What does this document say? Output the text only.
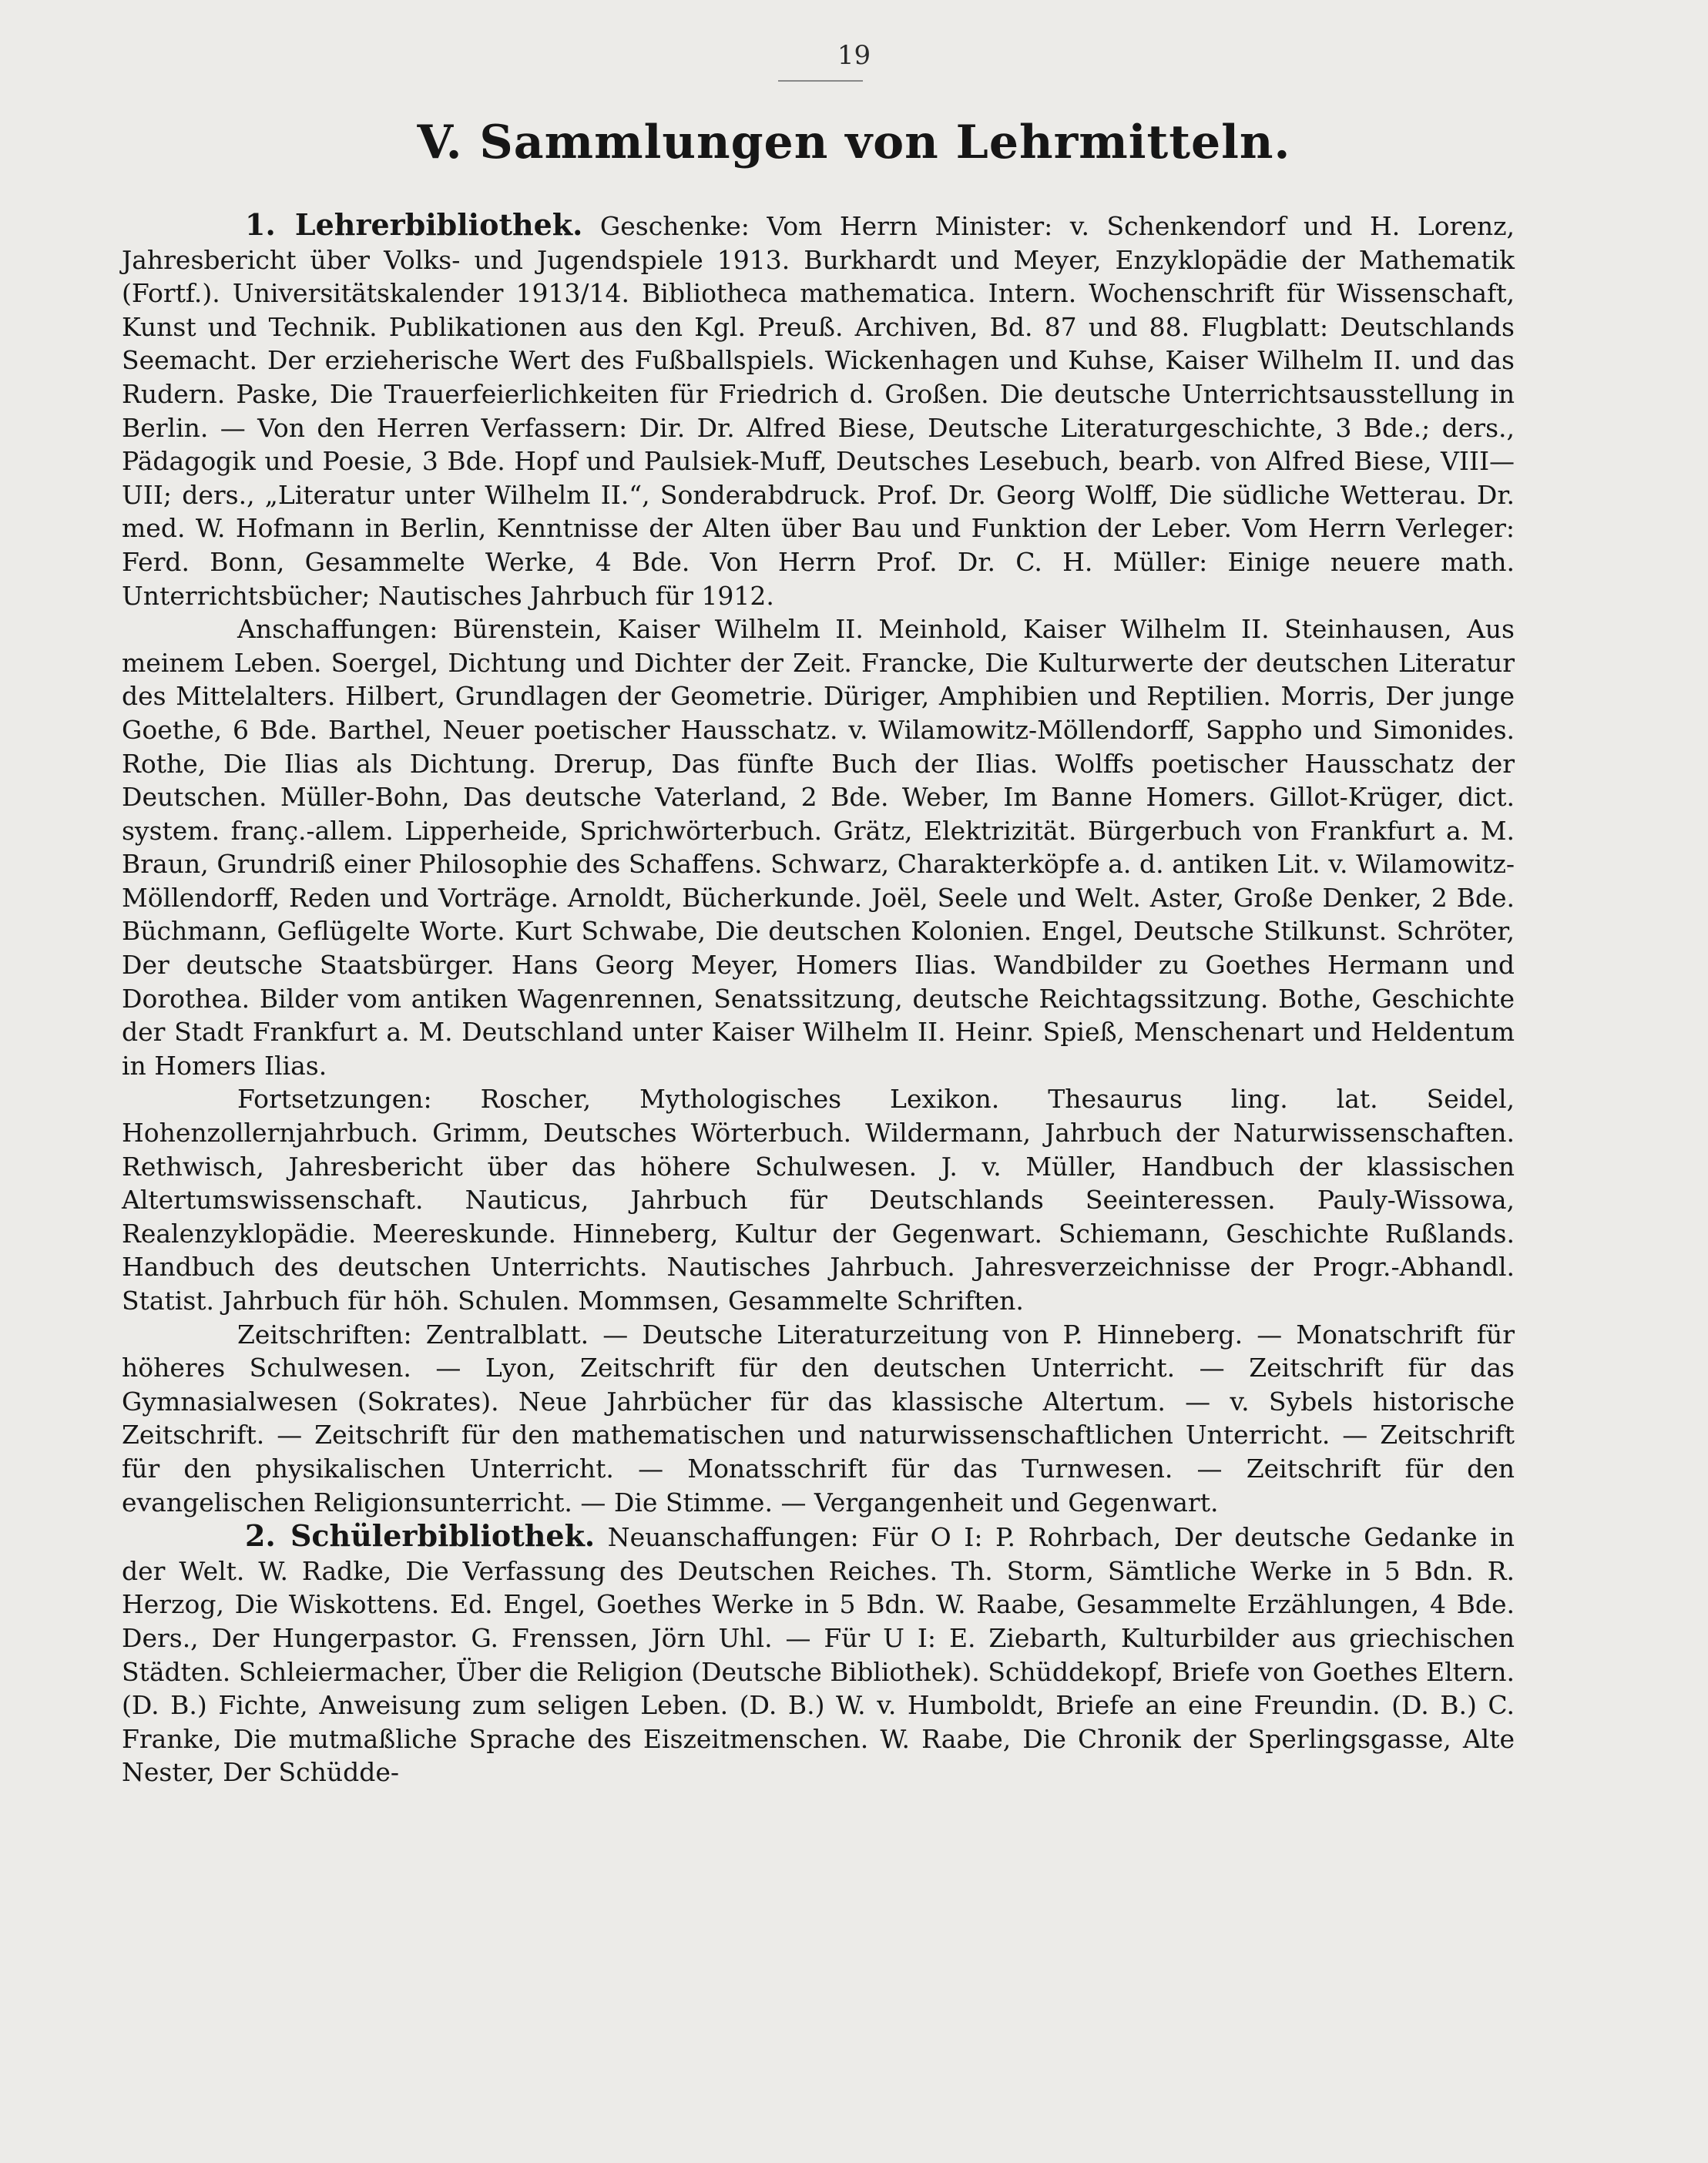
19
V. Sammlungen von Lehrmitteln.

1. Lehrerbibliothek. Geschenke: Vom Herrn Minister: v. Schenkendorf und H. Lorenz, Jahresbericht über Volks- und Jugendspiele 1913. Burkhardt und Meyer, Enzyklopädie der Mathematik (Fortf.). Universitätskalender 1913/14. Bibliotheca mathematica. Intern. Wochenschrift für Wissenschaft, Kunst und Technik. Publikationen aus den Kgl. Preuß. Archiven, Bd. 87 und 88. Flugblatt: Deutschlands Seemacht. Der erzieherische Wert des Fußballspiels. Wickenhagen und Kuhse, Kaiser Wilhelm II. und das Rudern. Paske, Die Trauerfeierlichkeiten für Friedrich d. Großen. Die deutsche Unterrichtsausstellung in Berlin. — Von den Herren Verfassern: Dir. Dr. Alfred Biese, Deutsche Literaturgeschichte, 3 Bde.; ders., Pädagogik und Poesie, 3 Bde. Hopf und Paulsiek-Muff, Deutsches Lesebuch, bearb. von Alfred Biese, VIII—UII; ders., „Literatur unter Wilhelm II.“, Sonderabdruck. Prof. Dr. Georg Wolff, Die südliche Wetterau. Dr. med. W. Hofmann in Berlin, Kenntnisse der Alten über Bau und Funktion der Leber. Vom Herrn Verleger: Ferd. Bonn, Gesammelte Werke, 4 Bde. Von Herrn Prof. Dr. C. H. Müller: Einige neuere math. Unterrichtsbücher; Nautisches Jahrbuch für 1912.

Anschaffungen: Bürenstein, Kaiser Wilhelm II. Meinhold, Kaiser Wilhelm II. Steinhausen, Aus meinem Leben. Soergel, Dichtung und Dichter der Zeit. Francke, Die Kulturwerte der deutschen Literatur des Mittelalters. Hilbert, Grundlagen der Geometrie. Düriger, Amphibien und Reptilien. Morris, Der junge Goethe, 6 Bde. Barthel, Neuer poetischer Hausschatz. v. Wilamowitz-Möllendorff, Sappho und Simonides. Rothe, Die Ilias als Dichtung. Drerup, Das fünfte Buch der Ilias. Wolffs poetischer Hausschatz der Deutschen. Müller-Bohn, Das deutsche Vaterland, 2 Bde. Weber, Im Banne Homers. Gillot-Krüger, dict. system. franç.-allem. Lipperheide, Sprichwörterbuch. Grätz, Elektrizität. Bürgerbuch von Frankfurt a. M. Braun, Grundriß einer Philosophie des Schaffens. Schwarz, Charakterköpfe a. d. antiken Lit. v. Wilamowitz-Möllendorff, Reden und Vorträge. Arnoldt, Bücherkunde. Joël, Seele und Welt. Aster, Große Denker, 2 Bde. Büchmann, Geflügelte Worte. Kurt Schwabe, Die deutschen Kolonien. Engel, Deutsche Stilkunst. Schröter, Der deutsche Staatsbürger. Hans Georg Meyer, Homers Ilias. Wandbilder zu Goethes Hermann und Dorothea. Bilder vom antiken Wagenrennen, Senatssitzung, deutsche Reichtagssitzung. Bothe, Geschichte der Stadt Frankfurt a. M. Deutschland unter Kaiser Wilhelm II. Heinr. Spieß, Menschenart und Heldentum in Homers Ilias.

Fortsetzungen: Roscher, Mythologisches Lexikon. Thesaurus ling. lat. Seidel, Hohenzollernjahrbuch. Grimm, Deutsches Wörterbuch. Wildermann, Jahrbuch der Naturwissenschaften. Rethwisch, Jahresbericht über das höhere Schulwesen. J. v. Müller, Handbuch der klassischen Altertumswissenschaft. Nauticus, Jahrbuch für Deutschlands Seeinteressen. Pauly-Wissowa, Realenzyklopädie. Meereskunde. Hinneberg, Kultur der Gegenwart. Schiemann, Geschichte Rußlands. Handbuch des deutschen Unterrichts. Nautisches Jahrbuch. Jahresverzeichnisse der Progr.-Abhandl. Statist. Jahrbuch für höh. Schulen. Mommsen, Gesammelte Schriften.

Zeitschriften: Zentralblatt. — Deutsche Literaturzeitung von P. Hinneberg. — Monatschrift für höheres Schulwesen. — Lyon, Zeitschrift für den deutschen Unterricht. — Zeitschrift für das Gymnasialwesen (Sokrates). Neue Jahrbücher für das klassische Altertum. — v. Sybels historische Zeitschrift. — Zeitschrift für den mathematischen und naturwissenschaftlichen Unterricht. — Zeitschrift für den physikalischen Unterricht. — Monatsschrift für das Turnwesen. — Zeitschrift für den evangelischen Religionsunterricht. — Die Stimme. — Vergangenheit und Gegenwart.

2. Schülerbibliothek. Neuanschaffungen: Für O I: P. Rohrbach, Der deutsche Gedanke in der Welt. W. Radke, Die Verfassung des Deutschen Reiches. Th. Storm, Sämtliche Werke in 5 Bdn. R. Herzog, Die Wiskottens. Ed. Engel, Goethes Werke in 5 Bdn. W. Raabe, Gesammelte Erzählungen, 4 Bde. Ders., Der Hungerpastor. G. Frenssen, Jörn Uhl. — Für U I: E. Ziebarth, Kulturbilder aus griechischen Städten. Schleiermacher, Über die Religion (Deutsche Bibliothek). Schüddekopf, Briefe von Goethes Eltern. (D. B.) Fichte, Anweisung zum seligen Leben. (D. B.) W. v. Humboldt, Briefe an eine Freundin. (D. B.) C. Franke, Die mutmaßliche Sprache des Eiszeitmenschen. W. Raabe, Die Chronik der Sperlingsgasse, Alte Nester, Der Schüdde-
